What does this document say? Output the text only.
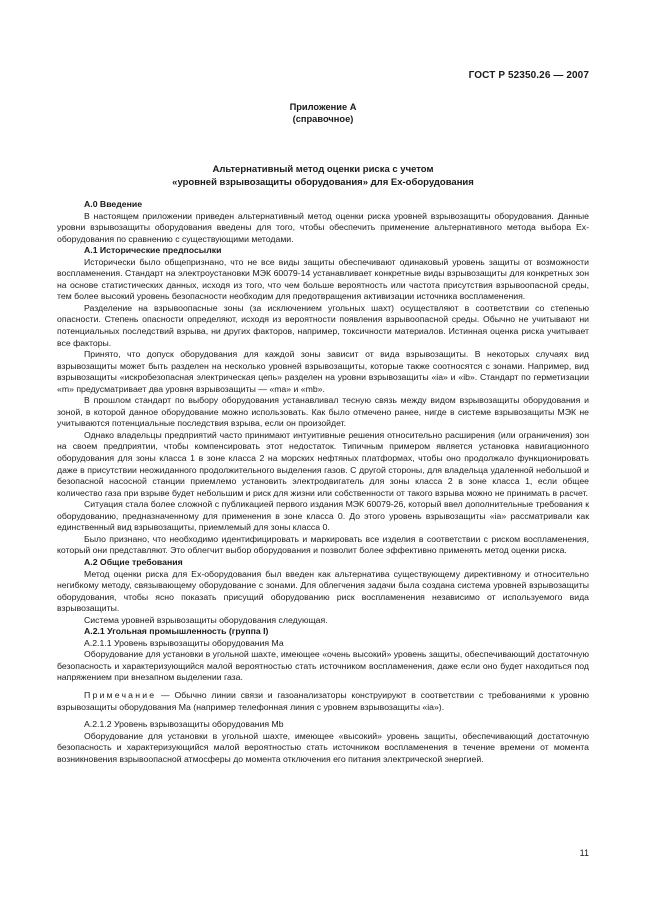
ГОСТ Р 52350.26 — 2007
Приложение А
(справочное)
Альтернативный метод оценки риска с учетом
«уровней взрывозащиты оборудования» для Ex-оборудования

А.0 Введение

В настоящем приложении приведен альтернативный метод оценки риска уровней взрывозащиты оборудования. Данные уровни взрывозащиты оборудования введены для того, чтобы обеспечить применение альтернативного метода выбора Ex-оборудования по сравнению с существующими методами.

А.1 Исторические предпосылки

Исторически было общепризнано, что не все виды защиты обеспечивают одинаковый уровень защиты от возможности воспламенения. Стандарт на электроустановки МЭК 60079-14 устанавливает конкретные виды взрывозащиты для конкретных зон на основе статистических данных, исходя из того, что чем больше вероятность или частота присутствия взрывоопасной среды, тем более высокий уровень безопасности необходим для предотвращения активизации источника воспламенения.

Разделение на взрывоопасные зоны (за исключением угольных шахт) осуществляют в соответствии со степенью опасности. Степень опасности определяют, исходя из вероятности появления взрывоопасной среды. Обычно не учитывают ни потенциальных последствий взрыва, ни других факторов, например, токсичности материалов. Истинная оценка риска учитывает все факторы.

Принято, что допуск оборудования для каждой зоны зависит от вида взрывозащиты. В некоторых случаях вид взрывозащиты может быть разделен на несколько уровней взрывозащиты, которые также соотносятся с зонами. Например, вид взрывозащиты «искробезопасная электрическая цепь» разделен на уровни взрывозащиты «ia» и «ib». Стандарт по герметизации «m» предусматривает два уровня взрывозащиты — «ma» и «mb».

В прошлом стандарт по выбору оборудования устанавливал тесную связь между видом взрывозащиты оборудования и зоной, в которой данное оборудование можно использовать. Как было отмечено ранее, нигде в системе взрывозащиты МЭК не учитываются потенциальные последствия взрыва, если он произойдет.

Однако владельцы предприятий часто принимают интуитивные решения относительно расширения (или ограничения) зон на своем предприятии, чтобы компенсировать этот недостаток. Типичным примером является установка навигационного оборудования для зоны класса 1 в зоне класса 2 на морских нефтяных платформах, чтобы оно продолжало функционировать даже в присутствии неожиданного продолжительного выделения газов. С другой стороны, для владельца удаленной небольшой и безопасной насосной станции приемлемо установить электродвигатель для зоны класса 2 в зоне класса 1, если общее количество газа при взрыве будет небольшим и риск для жизни или собственности от такого взрыва можно не принимать в расчет.

Ситуация стала более сложной с публикацией первого издания МЭК 60079-26, который ввел дополнительные требования к оборудованию, предназначенному для применения в зоне класса 0. До этого уровень взрывозащиты «ia» рассматривали как единственный вид взрывозащиты, приемлемый для зоны класса 0.

Было признано, что необходимо идентифицировать и маркировать все изделия в соответствии с риском воспламенения, который они представляют. Это облегчит выбор оборудования и позволит более эффективно применять метод оценки риска.

А.2 Общие требования

Метод оценки риска для Ex-оборудования был введен как альтернатива существующему директивному и относительно негибкому методу, связывающему оборудование с зонами. Для облегчения задачи была создана система уровней взрывозащиты оборудования, чтобы ясно показать присущий оборудованию риск воспламенения независимо от используемого вида взрывозащиты.

Система уровней взрывозащиты оборудования следующая.

А.2.1 Угольная промышленность (группа I)

А.2.1.1 Уровень взрывозащиты оборудования Ма

Оборудование для установки в угольной шахте, имеющее «очень высокий» уровень защиты, обеспечивающий достаточную безопасность и характеризующийся малой вероятностью стать источником воспламенения, даже если оно будет находиться под напряжением при внезапном выделении газа.

Примечание — Обычно линии связи и газоанализаторы конструируют в соответствии с требованиями к уровню взрывозащиты оборудования Ма (например телефонная линия с уровнем взрывозащиты «ia»).

А.2.1.2 Уровень взрывозащиты оборудования Mb

Оборудование для установки в угольной шахте, имеющее «высокий» уровень защиты, обеспечивающий достаточную безопасность и характеризующийся малой вероятностью стать источником воспламенения в течение времени от момента возникновения взрывоопасной атмосферы до момента отключения его питания электрической энергией.

11
